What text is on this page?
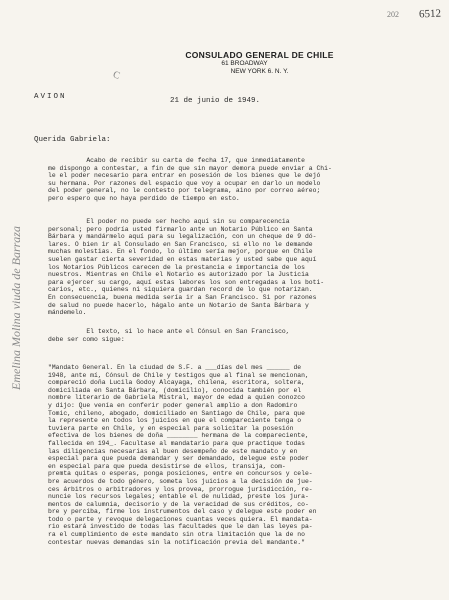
202 6512
CONSULADO GENERAL DE CHILE
61 BROADWAY
NEW YORK 6. N. Y.
C
AVION	21 de junio de 1949.
Querida Gabriela:
Acabo de recibir su carta de fecha 17, que inmediatamente
me dispongo a contestar, a fin de que sin mayor demora puede enviar a Chi-
le el poder necesario para entrar en posesión de los bienes que le dejó
su hermana. Por razones del espacio que voy a ocupar en darlo un modelo
del poder general, no le contesto por telegrama, aino por correo aéreo;
pero espero que no haya perdido de tiempo en esto.
El poder no puede ser hecho aquí sin su comparecencia
personal; pero podría usted firmarlo ante un Notario Público en Santa
Bárbara y mandármelo aquí para su legalización, con un cheque de 9 dó-
lares. O bien ir al Consulado en San Francisco, si ello no le demande
muchas molestias. En el fondo, lo último sería mejor, porque en Chile
suelen gastar cierta severidad en estas materias y usted sabe que aquí
los Notarios Públicos carecen de la prestancia e importancia de los
nuestros. Mientras en Chile el Notario es autorizado por la Justicia
para ejercer su cargo, aquí estas labores los son entregadas a los boti-
carios, etc., quienes ni siquiera guardan record de lo que notarizan.
En consecuencia, buena medida sería ir a San Francisco. Si por razones
de salud no puede hacerlo, hágalo ante un Notario de Santa Bárbara y
mándemelo.
El texto, si lo hace ante el Cónsul en San Francisco,
debe ser como sigue:
"Mandato General. En la ciudad de S.F. a ___días del mes ______ de
1948, ante mí, Cónsul de Chile y testigos que al final se mencionan,
compareció doña Lucila Godoy Alcayaga, chilena, escritora, soltera,
domiciliada en Santa Bárbara, (domicilio), conocida también por el
nombre literario de Gabriela Mistral, mayor de edad a quien conozco
y dijo: Que venía en conferir poder general amplio a don Radomiro
Tomic, chileno, abogado, domiciliado en Santiago de Chile, para que
la represente en todos los juicios en que el compareciente tenga o
tuviera parte en Chile, y en especial para solicitar la posesión
efectiva de los bienes de doña ________ hermana de la compareciente,
fallecida en 194_. Facultase al mandatario para que practique todas
las diligencias necesarias al buen desempeño de este mandato y en
especial para que pueda demandar y ser demandado, delegue este poder
en especial para que pueda desistirse de ellos, transija, com-
premta quitas o esperas, ponga posiciones, entre en concursos y cele-
bre acuerdos de todo género, someta los juicios a la decisión de jue-
ces árbitros o arbitradores y los provea, prorrogue jurisdicción, re-
nuncie los recursos legales; entable el de nulidad, preste los jura-
mentos de calumnia, decisorio y de la veracidad de sus créditos, co-
bre y perciba, firme los instrumentos del caso y delegue este poder en
todo o parte y revoque delegaciones cuantas veces quiera. El mandata-
rio estará investido de todas las facultades que le dan las leyes pa-
ra el cumplimiento de este mandato sin otra limitación que la de no
contestar nuevas demandas sin la notificación previa del mandante."
Emelina Molina viuda de Barraza
